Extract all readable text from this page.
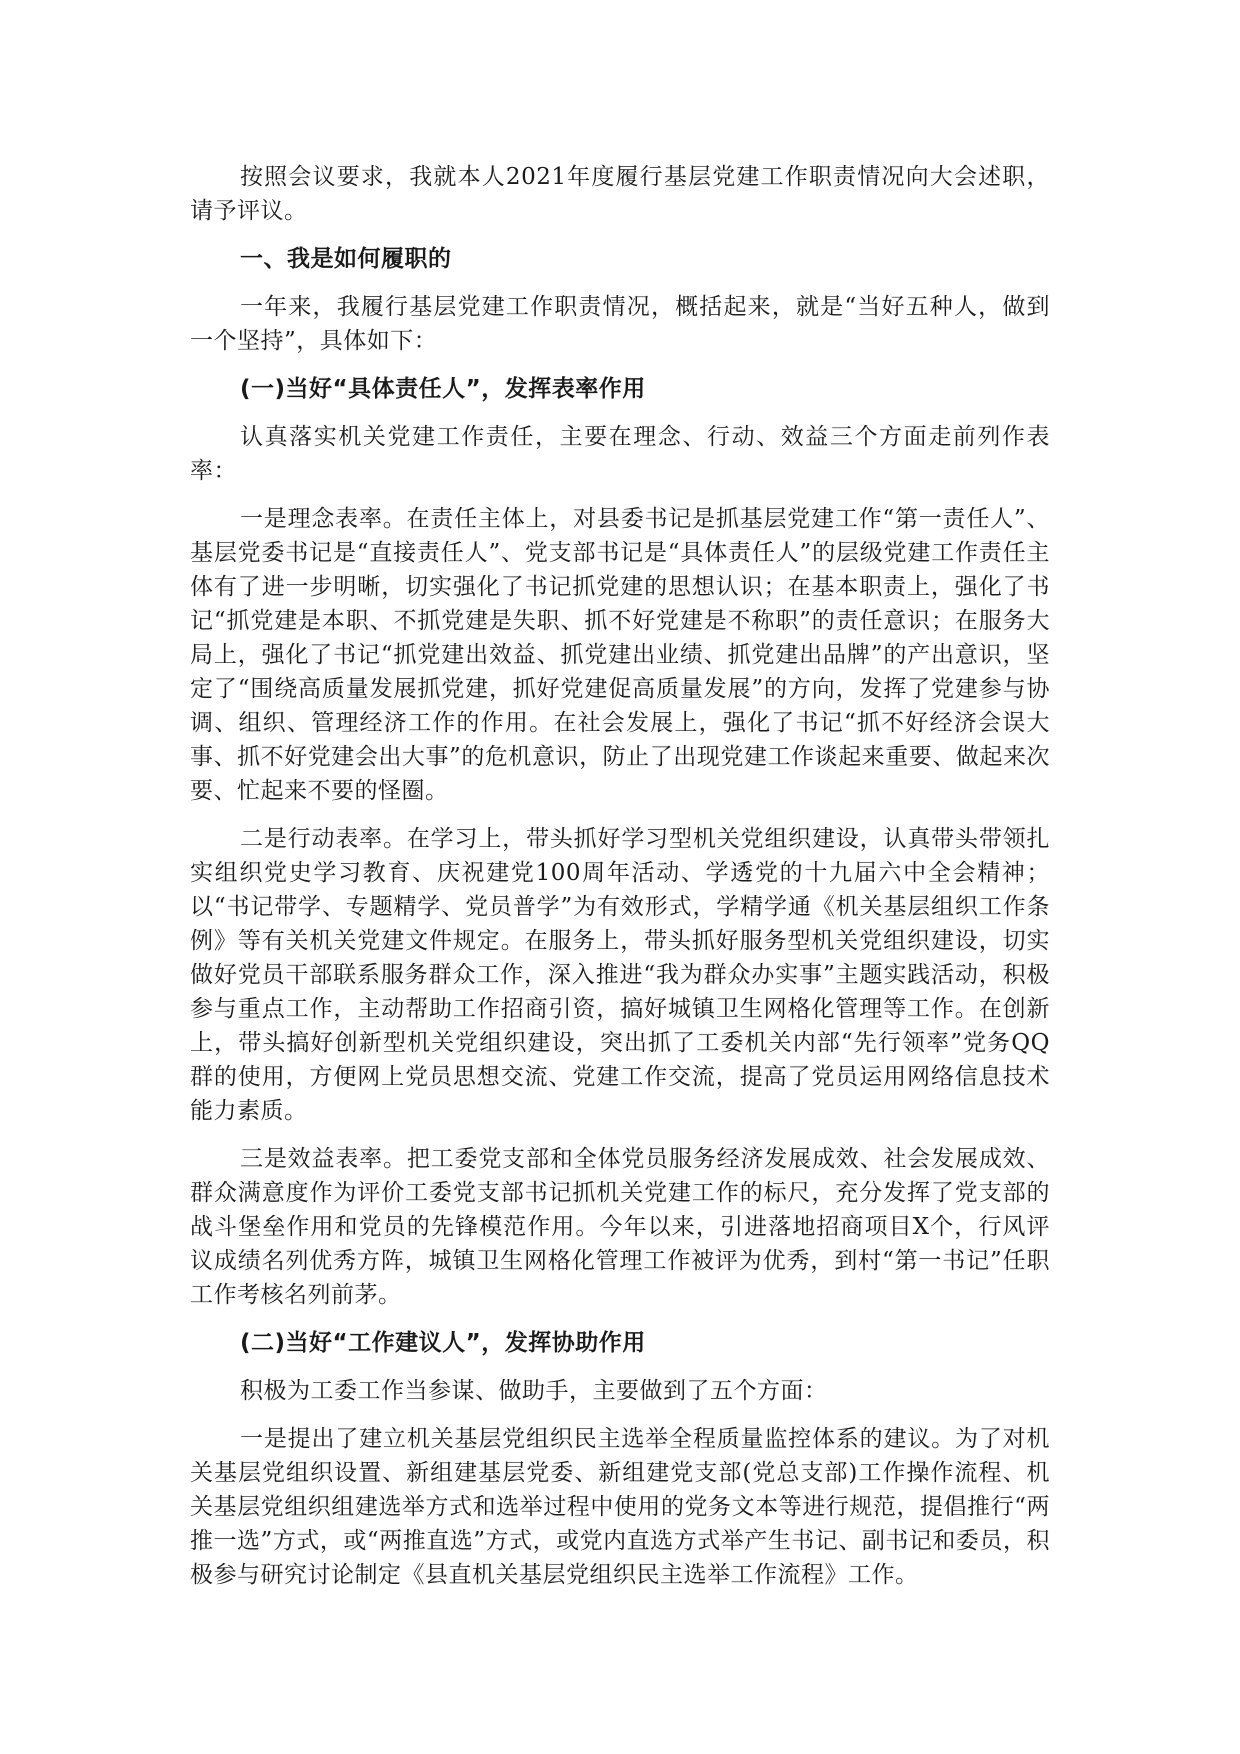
按照会议要求，我就本人2021年度履行基层党建工作职责情况向大会述职，请予评议。

一、我是如何履职的

一年来，我履行基层党建工作职责情况，概括起来，就是“当好五种人，做到一个坚持”，具体如下：

(一)当好“具体责任人”，发挥表率作用

认真落实机关党建工作责任，主要在理念、行动、效益三个方面走前列作表率：

一是理念表率。在责任主体上，对县委书记是抓基层党建工作“第一责任人”、基层党委书记是“直接责任人”、党支部书记是“具体责任人”的层级党建工作责任主体有了进一步明晰，切实强化了书记抓党建的思想认识；在基本职责上，强化了书记“抓党建是本职、不抓党建是失职、抓不好党建是不称职”的责任意识；在服务大局上，强化了书记“抓党建出效益、抓党建出业绩、抓党建出品牌”的产出意识，坚定了“围绕高质量发展抓党建，抓好党建促高质量发展”的方向，发挥了党建参与协调、组织、管理经济工作的作用。在社会发展上，强化了书记“抓不好经济会误大事、抓不好党建会出大事”的危机意识，防止了出现党建工作谈起来重要、做起来次要、忙起来不要的怪圈。

二是行动表率。在学习上，带头抓好学习型机关党组织建设，认真带头带领扎实组织党史学习教育、庆祝建党100周年活动、学透党的十九届六中全会精神；以“书记带学、专题精学、党员普学”为有效形式，学精学通《机关基层组织工作条例》等有关机关党建文件规定。在服务上，带头抓好服务型机关党组织建设，切实做好党员干部联系服务群众工作，深入推进“我为群众办实事”主题实践活动，积极参与重点工作，主动帮助工作招商引资，搞好城镇卫生网格化管理等工作。在创新上，带头搞好创新型机关党组织建设，突出抓了工委机关内部“先行领率”党务QQ群的使用，方便网上党员思想交流、党建工作交流，提高了党员运用网络信息技术能力素质。

三是效益表率。把工委党支部和全体党员服务经济发展成效、社会发展成效、群众满意度作为评价工委党支部书记抓机关党建工作的标尺，充分发挥了党支部的战斗堡垒作用和党员的先锋模范作用。今年以来，引进落地招商项目X个，行风评议成绩名列优秀方阵，城镇卫生网格化管理工作被评为优秀，到村“第一书记”任职工作考核名列前茅。

(二)当好“工作建议人”，发挥协助作用

积极为工委工作当参谋、做助手，主要做到了五个方面：

一是提出了建立机关基层党组织民主选举全程质量监控体系的建议。为了对机关基层党组织设置、新组建基层党委、新组建党支部(党总支部)工作操作流程、机关基层党组织组建选举方式和选举过程中使用的党务文本等进行规范，提倡推行“两推一选”方式，或“两推直选”方式，或党内直选方式举产生书记、副书记和委员，积极参与研究讨论制定《县直机关基层党组织民主选举工作流程》工作。
